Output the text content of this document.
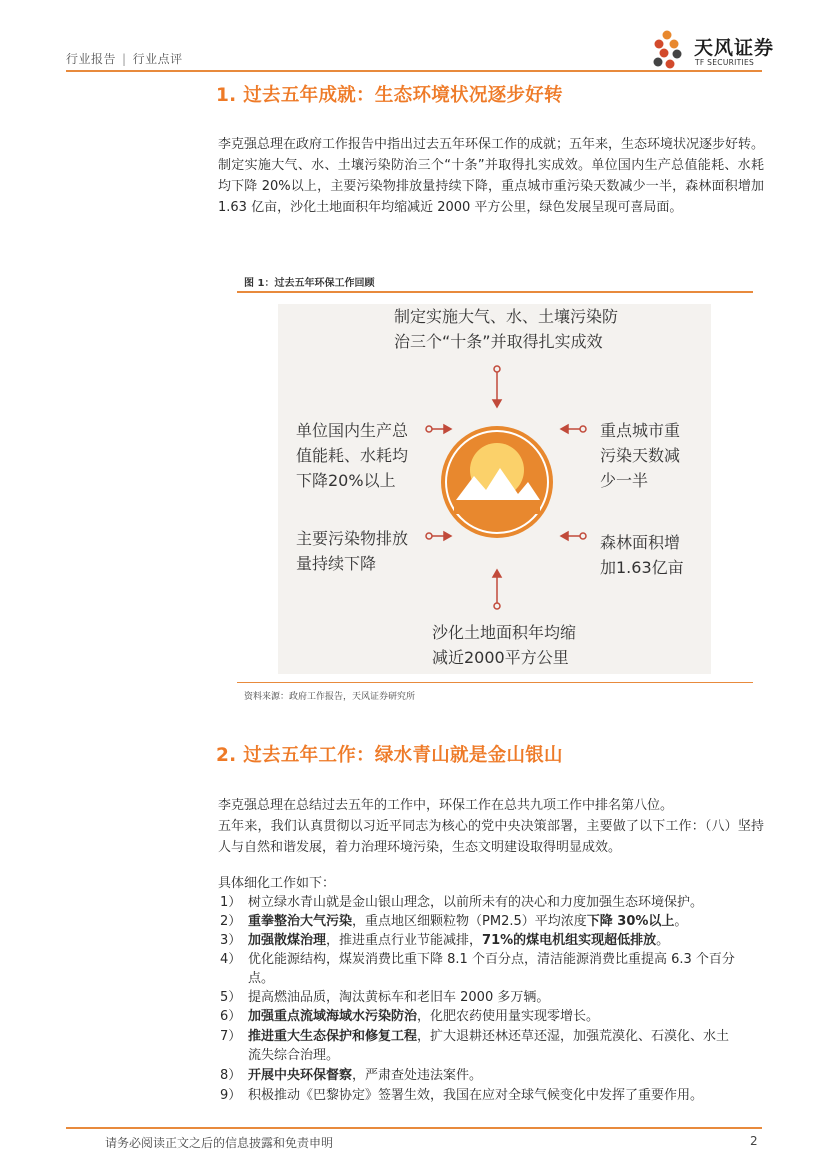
行业报告 | 行业点评	天风证券
TF SECURITIES
1. 过去五年成就：生态环境状况逐步好转
李克强总理在政府工作报告中指出过去五年环保工作的成就；五年来，生态环境状况逐步好转。制定实施大气、水、土壤污染防治三个“十条”并取得扎实成效。单位国内生产总值能耗、水耗均下降 20%以上，主要污染物排放量持续下降，重点城市重污染天数减少一半，森林面积增加 1.63 亿亩，沙化土地面积年均缩减近 2000 平方公里，绿色发展呈现可喜局面。
图 1：过去五年环保工作回顾
制定实施大气、水、土壤污染防
治三个“十条”并取得扎实成效
单位国内生产总
值能耗、水耗均
下降20%以上
重点城市重
污染天数减
少一半
主要污染物排放
量持续下降
森林面积增
加1.63亿亩
沙化土地面积年均缩
减近2000平方公里
资料来源：政府工作报告，天风证券研究所
2. 过去五年工作：绿水青山就是金山银山
李克强总理在总结过去五年的工作中，环保工作在总共九项工作中排名第八位。
五年来，我们认真贯彻以习近平同志为核心的党中央决策部署，主要做了以下工作：（八）坚持人与自然和谐发展，着力治理环境污染，生态文明建设取得明显成效。
具体细化工作如下：
1） 树立绿水青山就是金山银山理念，以前所未有的决心和力度加强生态环境保护。
2） 重拳整治大气污染，重点地区细颗粒物（PM2.5）平均浓度下降 30%以上。
3） 加强散煤治理，推进重点行业节能减排，71%的煤电机组实现超低排放。
4） 优化能源结构，煤炭消费比重下降 8.1 个百分点，清洁能源消费比重提高 6.3 个百分
点。
5） 提高燃油品质，淘汰黄标车和老旧车 2000 多万辆。
6） 加强重点流域海域水污染防治，化肥农药使用量实现零增长。
7） 推进重大生态保护和修复工程，扩大退耕还林还草还湿，加强荒漠化、石漠化、水土
流失综合治理。
8） 开展中央环保督察，严肃查处违法案件。
9） 积极推动《巴黎协定》签署生效，我国在应对全球气候变化中发挥了重要作用。
请务必阅读正文之后的信息披露和免责申明	2
